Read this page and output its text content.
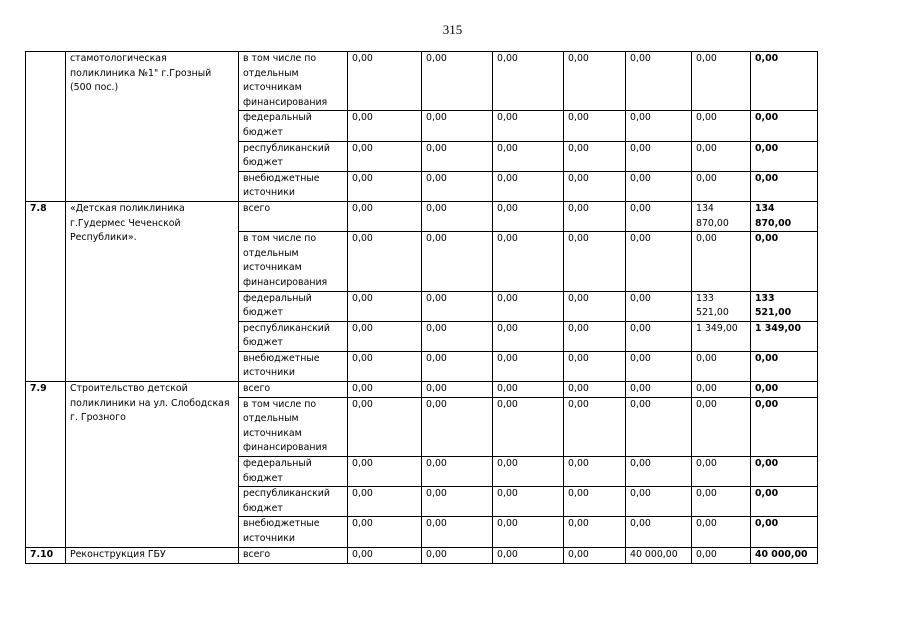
315
	стамотологическая поликлиника №1" г.Грозный (500 пос.)	в том числе по отдельным источникам финансирования	0,00	0,00	0,00	0,00	0,00	0,00	0,00
		федеральный бюджет	0,00	0,00	0,00	0,00	0,00	0,00	0,00
		республиканский бюджет	0,00	0,00	0,00	0,00	0,00	0,00	0,00
		внебюджетные источники	0,00	0,00	0,00	0,00	0,00	0,00	0,00
7.8	«Детская поликлиника г.Гудермес Чеченской Республики».	всего	0,00	0,00	0,00	0,00	0,00	134 870,00	134 870,00
		в том числе по отдельным источникам финансирования	0,00	0,00	0,00	0,00	0,00	0,00	0,00
		федеральный бюджет	0,00	0,00	0,00	0,00	0,00	133 521,00	133 521,00
		республиканский бюджет	0,00	0,00	0,00	0,00	0,00	1 349,00	1 349,00
		внебюджетные источники	0,00	0,00	0,00	0,00	0,00	0,00	0,00
7.9	Строительство детской поликлиники на ул. Слободская г. Грозного	всего	0,00	0,00	0,00	0,00	0,00	0,00	0,00
		в том числе по отдельным источникам финансирования	0,00	0,00	0,00	0,00	0,00	0,00	0,00
		федеральный бюджет	0,00	0,00	0,00	0,00	0,00	0,00	0,00
		республиканский бюджет	0,00	0,00	0,00	0,00	0,00	0,00	0,00
		внебюджетные источники	0,00	0,00	0,00	0,00	0,00	0,00	0,00
7.10	Реконструкция ГБУ	всего	0,00	0,00	0,00	0,00	40 000,00	0,00	40 000,00
